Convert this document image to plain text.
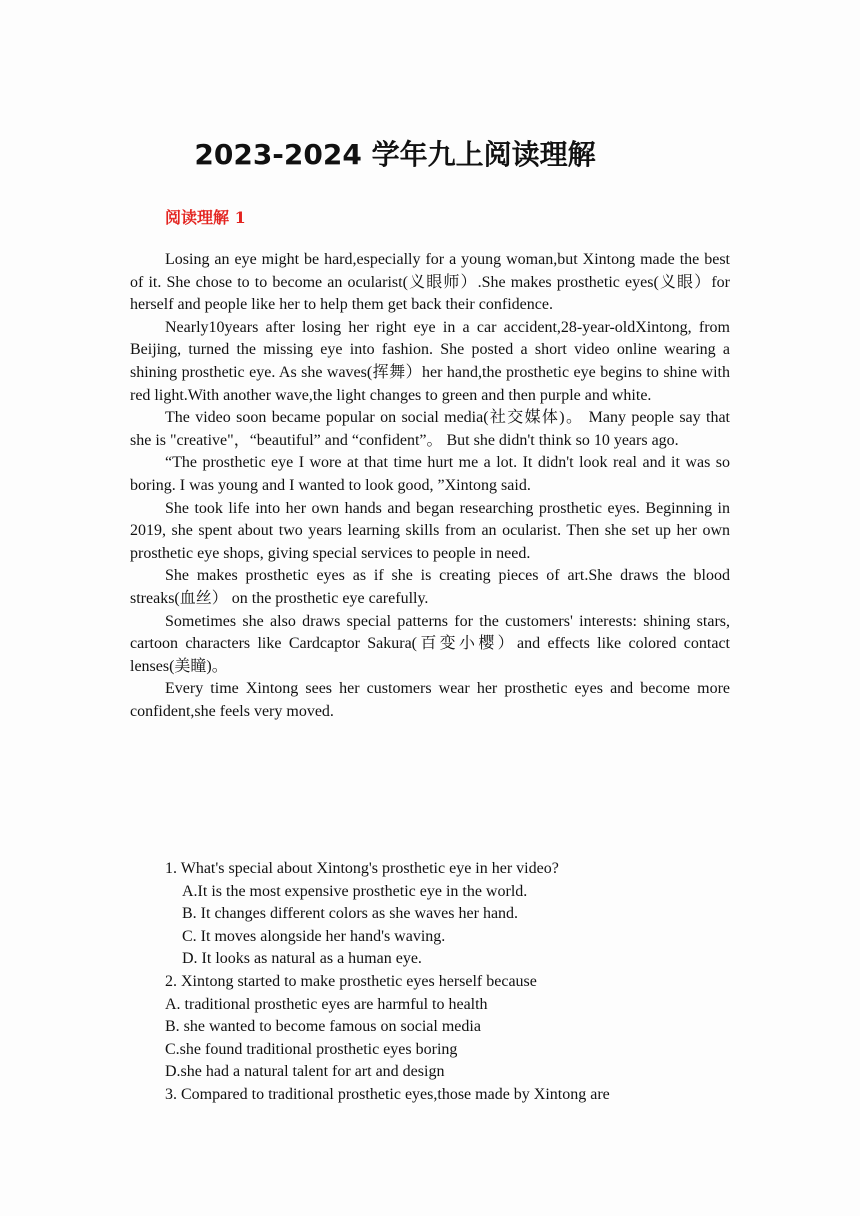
2023-2024 学年九上阅读理解
阅读理解 1

Losing an eye might be hard,especially for a young woman,but Xintong made the best of it. She chose to to become an ocularist(义眼师）.She makes prosthetic eyes(义眼）for herself and people like her to help them get back their confidence.

Nearly10years after losing her right eye in a car accident,28-year-oldXintong, from Beijing, turned the missing eye into fashion. She posted a short video online wearing a shining prosthetic eye. As she waves(挥舞）her hand,the prosthetic eye begins to shine with red light.With another wave,the light changes to green and then purple and white.

The video soon became popular on social media(社交媒体)。 Many people say that she is "creative"，“beautiful” and “confident”。 But she didn't think so 10 years ago.

“The prosthetic eye I wore at that time hurt me a lot. It didn't look real and it was so boring. I was young and I wanted to look good, ”Xintong said.

She took life into her own hands and began researching prosthetic eyes. Beginning in 2019, she spent about two years learning skills from an ocularist. Then she set up her own prosthetic eye shops, giving special services to people in need.

She makes prosthetic eyes as if she is creating pieces of art.She draws the blood streaks(血丝） on the prosthetic eye carefully.

Sometimes she also draws special patterns for the customers' interests: shining stars, cartoon characters like Cardcaptor Sakura(百变小樱）and effects like colored contact lenses(美瞳)。

Every time Xintong sees her customers wear her prosthetic eyes and become more confident,she feels very moved.

1. What's special about Xintong's prosthetic eye in her video?

A.It is the most expensive prosthetic eye in the world.

B. It changes different colors as she waves her hand.

C. It moves alongside her hand's waving.

D. It looks as natural as a human eye.

2. Xintong started to make prosthetic eyes herself because

A. traditional prosthetic eyes are harmful to health

B. she wanted to become famous on social media

C.she found traditional prosthetic eyes boring

D.she had a natural talent for art and design

3. Compared to traditional prosthetic eyes,those made by Xintong are
